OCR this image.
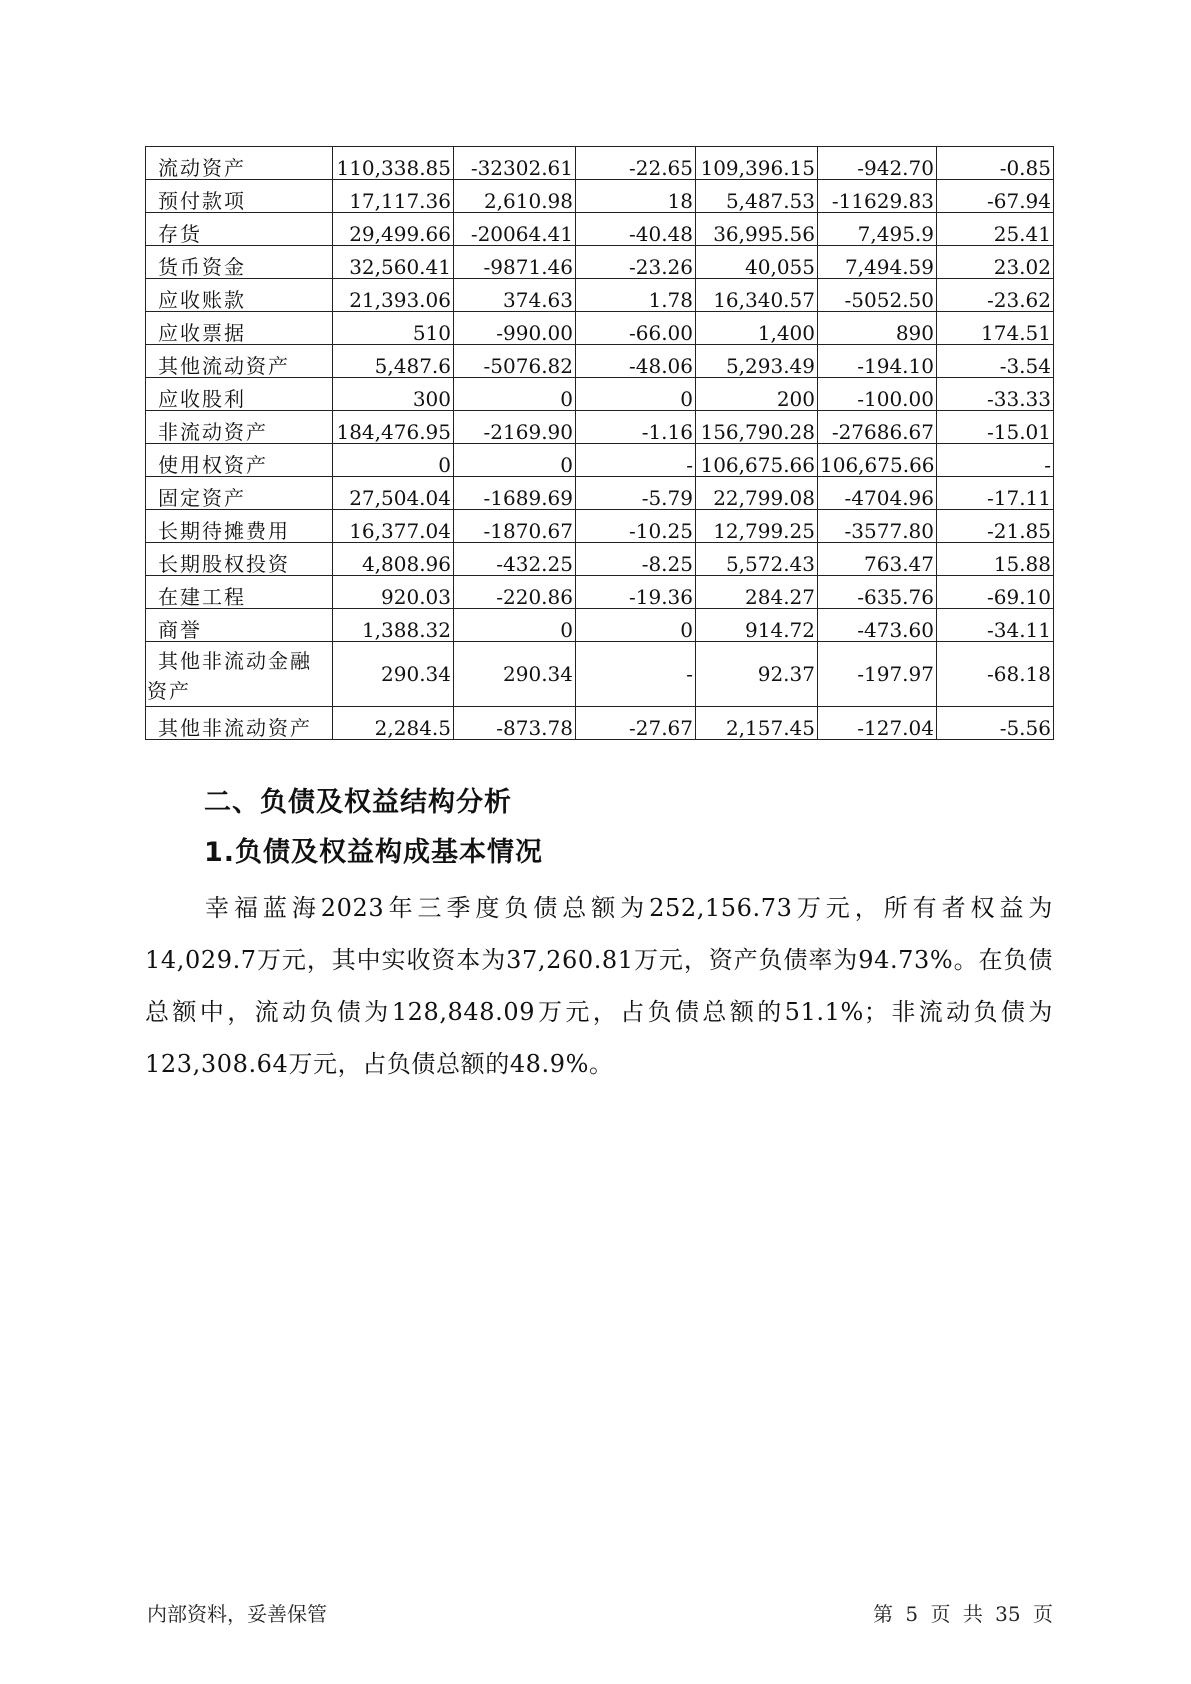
流动资产	110,338.85	-32302.61	-22.65	109,396.15	-942.70	-0.85
预付款项	17,117.36	2,610.98	18	5,487.53	-11629.83	-67.94
存货	29,499.66	-20064.41	-40.48	36,995.56	7,495.9	25.41
货币资金	32,560.41	-9871.46	-23.26	40,055	7,494.59	23.02
应收账款	21,393.06	374.63	1.78	16,340.57	-5052.50	-23.62
应收票据	510	-990.00	-66.00	1,400	890	174.51
其他流动资产	5,487.6	-5076.82	-48.06	5,293.49	-194.10	-3.54
应收股利	300	0	0	200	-100.00	-33.33
非流动资产	184,476.95	-2169.90	-1.16	156,790.28	-27686.67	-15.01
使用权资产	0	0	-	106,675.66	106,675.66	-
固定资产	27,504.04	-1689.69	-5.79	22,799.08	-4704.96	-17.11
长期待摊费用	16,377.04	-1870.67	-10.25	12,799.25	-3577.80	-21.85
长期股权投资	4,808.96	-432.25	-8.25	5,572.43	763.47	15.88
在建工程	920.03	-220.86	-19.36	284.27	-635.76	-69.10
商誉	1,388.32	0	0	914.72	-473.60	-34.11
其他非流动金融资产	290.34	290.34	-	92.37	-197.97	-68.18
其他非流动资产	2,284.5	-873.78	-27.67	2,157.45	-127.04	-5.56
二、负债及权益结构分析
1.负债及权益构成基本情况

幸福蓝海2023年三季度负债总额为252,156.73万元，所有者权益为14,029.7万元，其中实收资本为37,260.81万元，资产负债率为94.73%。在负债总额中，流动负债为128,848.09万元，占负债总额的51.1%；非流动负债为123,308.64万元，占负债总额的48.9%。

内部资料，妥善保管	第 5 页 共 35 页
